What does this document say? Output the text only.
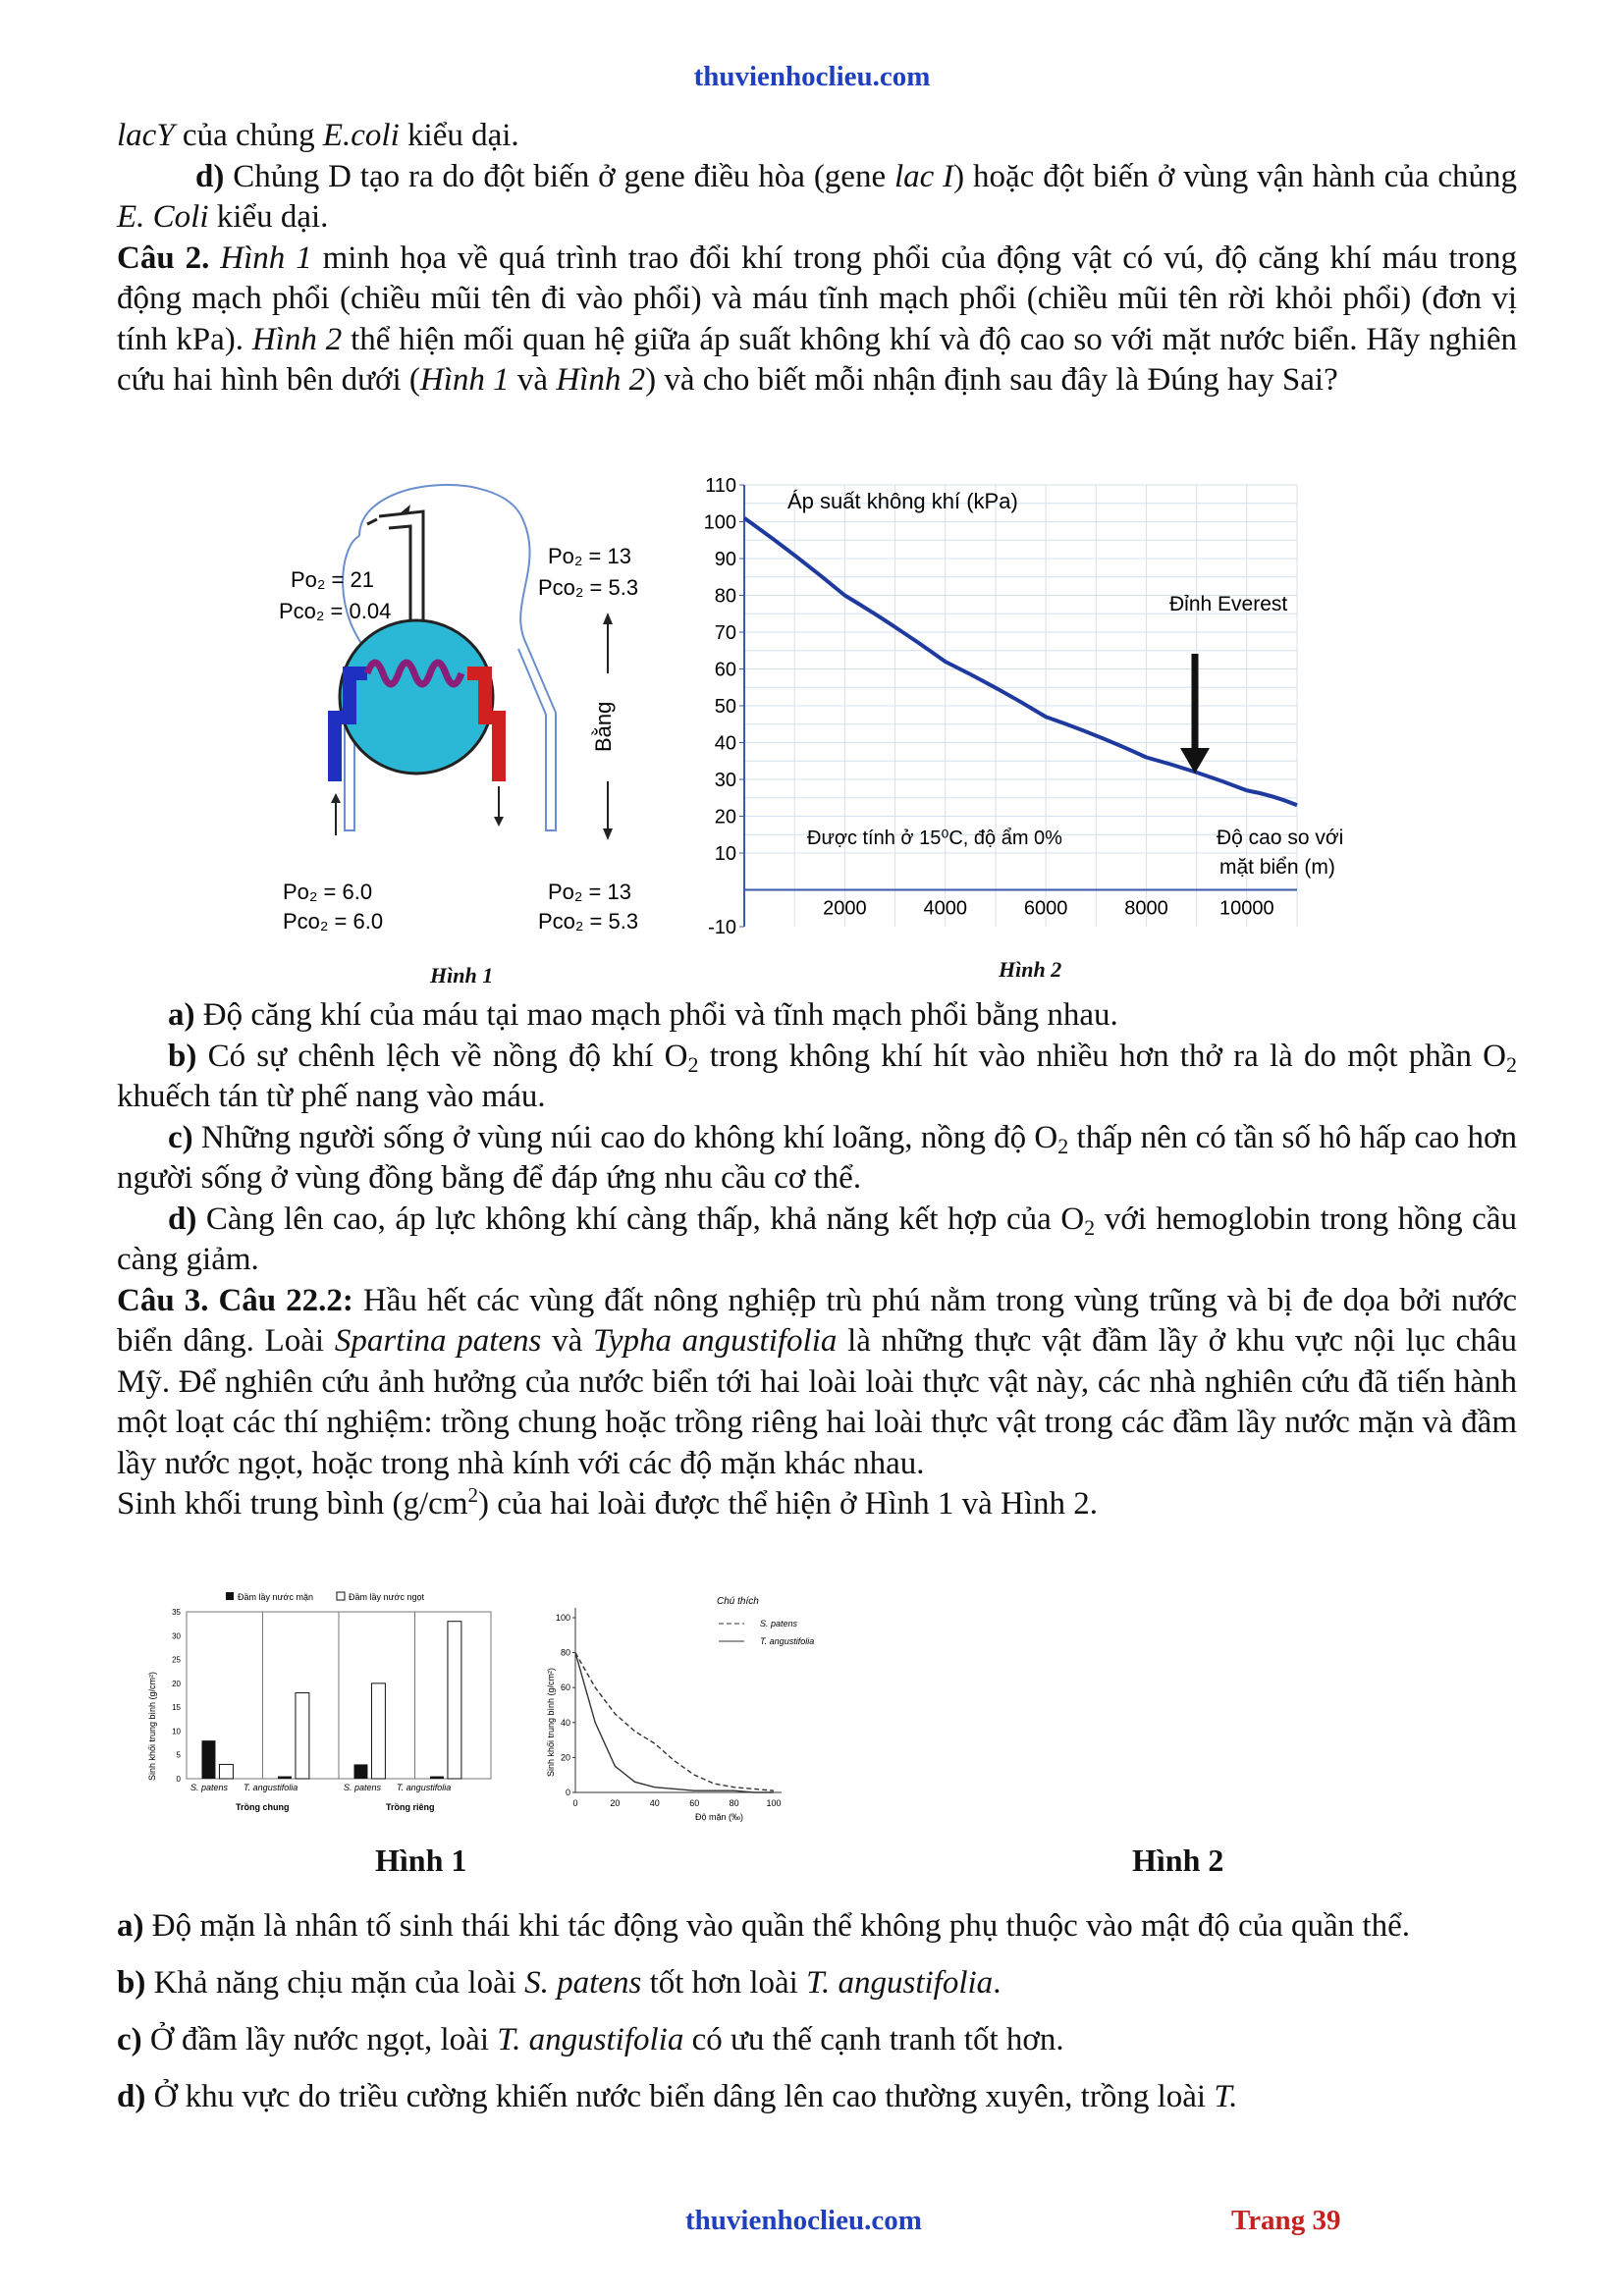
thuvienhoclieu.com

lacY của chủng E.coli kiểu dại.

d) Chủng D tạo ra do đột biến ở gene điều hòa (gene lac I) hoặc đột biến ở vùng vận hành của chủng E. Coli kiểu dại.

Câu 2. Hình 1 minh họa về quá trình trao đổi khí trong phổi của động vật có vú, độ căng khí máu trong động mạch phổi (chiều mũi tên đi vào phổi) và máu tĩnh mạch phổi (chiều mũi tên rời khỏi phổi) (đơn vị tính kPa). Hình 2 thể hiện mối quan hệ giữa áp suất không khí và độ cao so với mặt nước biển. Hãy nghiên cứu hai hình bên dưới (Hình 1 và Hình 2) và cho biết mỗi nhận định sau đây là Đúng hay Sai?

Po₂ = 21
Pco₂ = 0.04
Po₂ = 13
Pco₂ = 5.3
Bằng
Po₂ = 6.0
Pco₂ = 6.0
Po₂ = 13
Pco₂ = 5.3
Hình 1
-10
10
20
30
40
50
60
70
80
90
100
110
2000	4000	6000	8000	10000
Áp suất không khí (kPa)
Được tính ở 15⁰C, độ ẩm 0%
Đỉnh Everest
Độ cao so với
mặt biển (m)
Hình 2

a) Độ căng khí của máu tại mao mạch phổi và tĩnh mạch phổi bằng nhau.

b) Có sự chênh lệch về nồng độ khí $O_2$ trong không khí hít vào nhiều hơn thở ra là do một phần $O_2$ khuếch tán từ phế nang vào máu.

c) Những người sống ở vùng núi cao do không khí loãng, nồng độ $O_2$ thấp nên có tần số hô hấp cao hơn người sống ở vùng đồng bằng để đáp ứng nhu cầu cơ thể.

d) Càng lên cao, áp lực không khí càng thấp, khả năng kết hợp của $O_2$ với hemoglobin trong hồng cầu càng giảm.

Câu 3. Câu 22.2: Hầu hết các vùng đất nông nghiệp trù phú nằm trong vùng trũng và bị đe dọa bởi nước biển dâng. Loài Spartina patens và Typha angustifolia là những thực vật đầm lầy ở khu vực nội lục châu Mỹ. Để nghiên cứu ảnh hưởng của nước biển tới hai loài loài thực vật này, các nhà nghiên cứu đã tiến hành một loạt các thí nghiệm: trồng chung hoặc trồng riêng hai loài thực vật trong các đầm lầy nước mặn và đầm lầy nước ngọt, hoặc trong nhà kính với các độ mặn khác nhau.

Sinh khối trung bình $(g/cm^2)$ của hai loài được thể hiện ở Hình 1 và Hình 2.

Đầm lầy nước mặn	Đầm lầy nước ngọt
Sinh khối trung bình (g/cm²) 0
5
10
15
20
25
30
35
S. patens T. angustifolia	S. patens T. angustifolia
Trồng chung	Trồng riêng
Sinh khối trung bình (g/cm²)
Chú thích
S. patens
T. angustifolia
0
20
40
60
80
100
0	20	40	60	80	100
Độ mặn (‰)
Hình 1	Hình 2

a) Độ mặn là nhân tố sinh thái khi tác động vào quần thể không phụ thuộc vào mật độ của quần thể.

b) Khả năng chịu mặn của loài S. patens tốt hơn loài T. angustifolia.

c) Ở đầm lầy nước ngọt, loài T. angustifolia có ưu thế cạnh tranh tốt hơn.

d) Ở khu vực do triều cường khiến nước biển dâng lên cao thường xuyên, trồng loài T.

thuvienhoclieu.com	Trang 39
